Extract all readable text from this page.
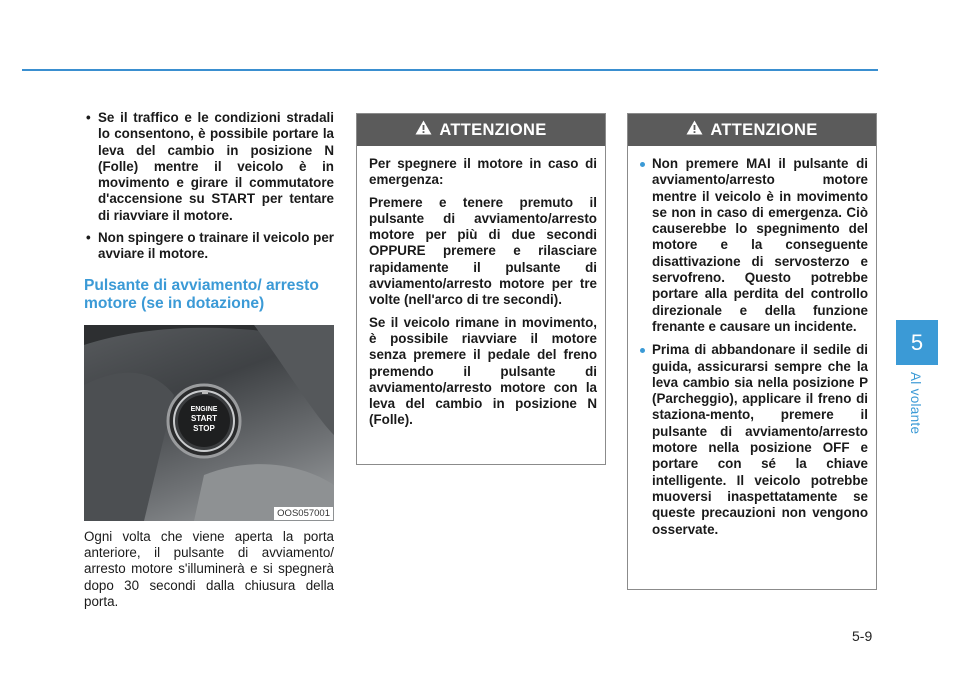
• Se il traffico e le condizioni stradali lo consentono, è possibile portare la leva del cambio in posizione N (Folle) mentre il veicolo è in movimento e girare il commutatore d'accensione su START per tentare di riavviare il motore.
• Non spingere o trainare il veicolo per avviare il motore.
Pulsante di avviamento/ arresto motore (se in dotazione)
ENGINE
START
STOP
OOS057001
Ogni volta che viene aperta la porta anteriore, il pulsante di avviamento/ arresto motore s'illuminerà e si spegnerà dopo 30 secondi dalla chiusura della porta.
ATTENZIONE

Per spegnere il motore in caso di emergenza:

Premere e tenere premuto il pulsante di avviamento/arresto motore per più di due secondi OPPURE premere e rilasciare rapidamente il pulsante di avviamento/arresto motore per tre volte (nell'arco di tre secondi).

Se il veicolo rimane in movimento, è possibile riavviare il motore senza premere il pedale del freno premendo il pulsante di avviamento/arresto motore con la leva del cambio in posizione N (Folle).

ATTENZIONE
Non premere MAI il pulsante di avviamento/arresto motore mentre il veicolo è in movimento se non in caso di emergenza. Ciò causerebbe lo spegnimento del motore e la conseguente disattivazione di servosterzo e servofreno. Questo potrebbe portare alla perdita del controllo direzionale e della funzione frenante e causare un incidente.
Prima di abbandonare il sedile di guida, assicurarsi sempre che la leva cambio sia nella posizione P (Parcheggio), applicare il freno di staziona-mento, premere il pulsante di avviamento/arresto motore nella posizione OFF e portare con sé la chiave intelligente. Il veicolo potrebbe muoversi inaspettatamente se queste precauzioni non vengono osservate.
5
Al volante
5-9
